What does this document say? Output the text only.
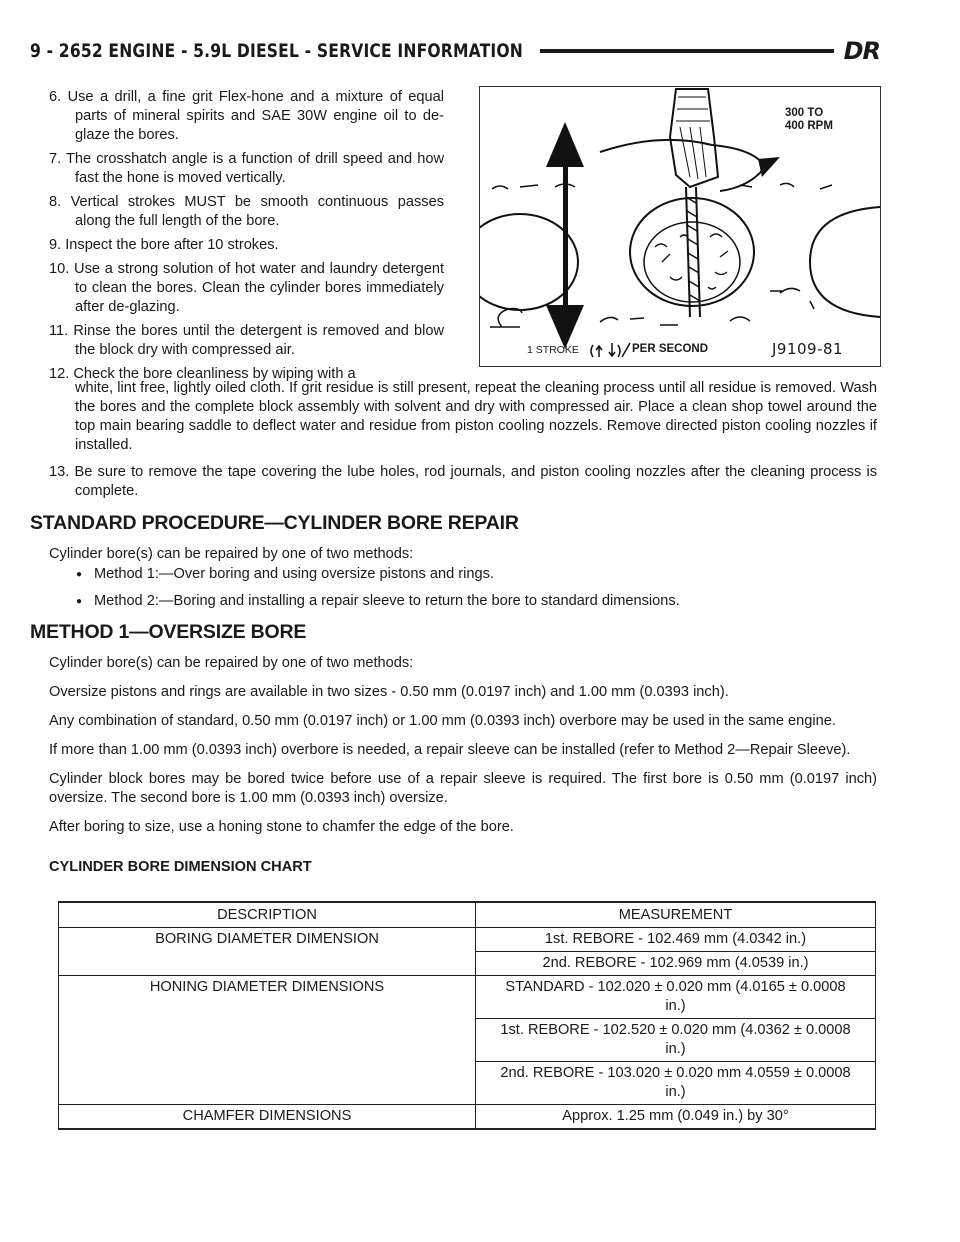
9 - 2652 ENGINE - 5.9L DIESEL - SERVICE INFORMATION	DR

6. Use a drill, a fine grit Flex-hone and a mixture of equal parts of mineral spirits and SAE 30W engine oil to de-glaze the bores.

7. The crosshatch angle is a function of drill speed and how fast the hone is moved vertically.

8. Vertical strokes MUST be smooth continuous passes along the full length of the bore.

9. Inspect the bore after 10 strokes.

10. Use a strong solution of hot water and laundry detergent to clean the bores. Clean the cylinder bores immediately after de-glazing.

11. Rinse the bores until the detergent is removed and blow the block dry with compressed air.

12. Check the bore cleanliness by wiping with a

300 TO
400 RPM
1 STROKE	PER SECOND	J9109-81

white, lint free, lightly oiled cloth. If grit residue is still present, repeat the cleaning process until all residue is removed. Wash the bores and the complete block assembly with solvent and dry with compressed air. Place a clean shop towel around the top main bearing saddle to deflect water and residue from piston cooling nozzels. Remove directed piston cooling nozzles if installed.

13. Be sure to remove the tape covering the lube holes, rod journals, and piston cooling nozzles after the cleaning process is complete.

STANDARD PROCEDURE—CYLINDER BORE REPAIR

Cylinder bore(s) can be repaired by one of two methods:

● Method 1:—Over boring and using oversize pistons and rings.
● Method 2:—Boring and installing a repair sleeve to return the bore to standard dimensions.
METHOD 1—OVERSIZE BORE

Cylinder bore(s) can be repaired by one of two methods:

Oversize pistons and rings are available in two sizes - 0.50 mm (0.0197 inch) and 1.00 mm (0.0393 inch).

Any combination of standard, 0.50 mm (0.0197 inch) or 1.00 mm (0.0393 inch) overbore may be used in the same engine.

If more than 1.00 mm (0.0393 inch) overbore is needed, a repair sleeve can be installed (refer to Method 2—Repair Sleeve).

Cylinder block bores may be bored twice before use of a repair sleeve is required. The first bore is 0.50 mm (0.0197 inch) oversize. The second bore is 1.00 mm (0.0393 inch) oversize.

After boring to size, use a honing stone to chamfer the edge of the bore.

CYLINDER BORE DIMENSION CHART
DESCRIPTION	MEASUREMENT
BORING DIAMETER DIMENSION	1st. REBORE - 102.469 mm (4.0342 in.)
	2nd. REBORE - 102.969 mm (4.0539 in.)
HONING DIAMETER DIMENSIONS	STANDARD - 102.020 ± 0.020 mm (4.0165 ± 0.0008 in.)
	1st. REBORE - 102.520 ± 0.020 mm (4.0362 ± 0.0008 in.)
	2nd. REBORE - 103.020 ± 0.020 mm 4.0559 ± 0.0008 in.)
CHAMFER DIMENSIONS	Approx. 1.25 mm (0.049 in.) by 30°
